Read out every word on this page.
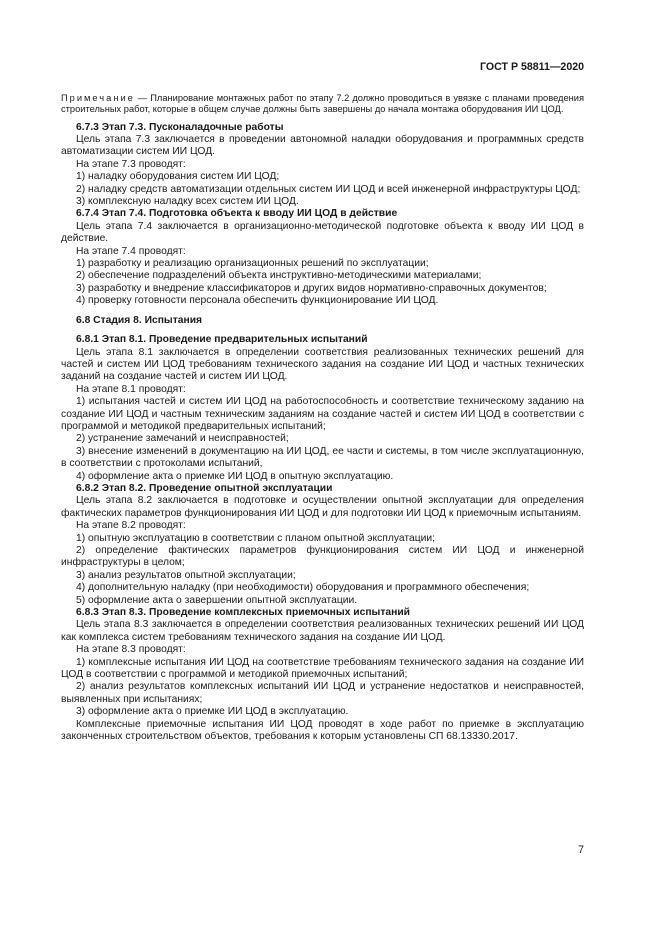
ГОСТ Р 58811—2020

Примечание — Планирование монтажных работ по этапу 7.2 должно проводиться в увязке с планами проведения строительных работ, которые в общем случае должны быть завершены до начала монтажа оборудования ИИ ЦОД.

6.7.3 Этап 7.3. Пусконаладочные работы

Цель этапа 7.3 заключается в проведении автономной наладки оборудования и программных средств автоматизации систем ИИ ЦОД.

На этапе 7.3 проводят:

1) наладку оборудования систем ИИ ЦОД;

2) наладку средств автоматизации отдельных систем ИИ ЦОД и всей инженерной инфраструктуры ЦОД;

3) комплексную наладку всех систем ИИ ЦОД.

6.7.4 Этап 7.4. Подготовка объекта к вводу ИИ ЦОД в действие

Цель этапа 7.4 заключается в организационно-методической подготовке объекта к вводу ИИ ЦОД в действие.

На этапе 7.4 проводят:

1) разработку и реализацию организационных решений по эксплуатации;

2) обеспечение подразделений объекта инструктивно-методическими материалами;

3) разработку и внедрение классификаторов и других видов нормативно-справочных документов;

4) проверку готовности персонала обеспечить функционирование ИИ ЦОД.

6.8 Стадия 8. Испытания

6.8.1 Этап 8.1. Проведение предварительных испытаний

Цель этапа 8.1 заключается в определении соответствия реализованных технических решений для частей и систем ИИ ЦОД требованиям технического задания на создание ИИ ЦОД и частных технических заданий на создание частей и систем ИИ ЦОД.

На этапе 8.1 проводят:

1) испытания частей и систем ИИ ЦОД на работоспособность и соответствие техническому заданию на создание ИИ ЦОД и частным техническим заданиям на создание частей и систем ИИ ЦОД в соответствии с программой и методикой предварительных испытаний;

2) устранение замечаний и неисправностей;

3) внесение изменений в документацию на ИИ ЦОД, ее части и системы, в том числе эксплуатационную, в соответствии с протоколами испытаний,

4) оформление акта о приемке ИИ ЦОД в опытную эксплуатацию.

6.8.2 Этап 8.2. Проведение опытной эксплуатации

Цель этапа 8.2 заключается в подготовке и осуществлении опытной эксплуатации для определения фактических параметров функционирования ИИ ЦОД и для подготовки ИИ ЦОД к приемочным испытаниям.

На этапе 8.2 проводят:

1) опытную эксплуатацию в соответствии с планом опытной эксплуатации;

2) определение фактических параметров функционирования систем ИИ ЦОД и инженерной инфраструктуры в целом;

3) анализ результатов опытной эксплуатации;

4) дополнительную наладку (при необходимости) оборудования и программного обеспечения;

5) оформление акта о завершении опытной эксплуатации.

6.8.3 Этап 8.3. Проведение комплексных приемочных испытаний

Цель этапа 8.3 заключается в определении соответствия реализованных технических решений ИИ ЦОД как комплекса систем требованиям технического задания на создание ИИ ЦОД.

На этапе 8.3 проводят:

1) комплексные испытания ИИ ЦОД на соответствие требованиям технического задания на создание ИИ ЦОД в соответствии с программой и методикой приемочных испытаний;

2) анализ результатов комплексных испытаний ИИ ЦОД и устранение недостатков и неисправностей, выявленных при испытаниях;

3) оформление акта о приемке ИИ ЦОД в эксплуатацию.

Комплексные приемочные испытания ИИ ЦОД проводят в ходе работ по приемке в эксплуатацию законченных строительством объектов, требования к которым установлены СП 68.13330.2017.

7
